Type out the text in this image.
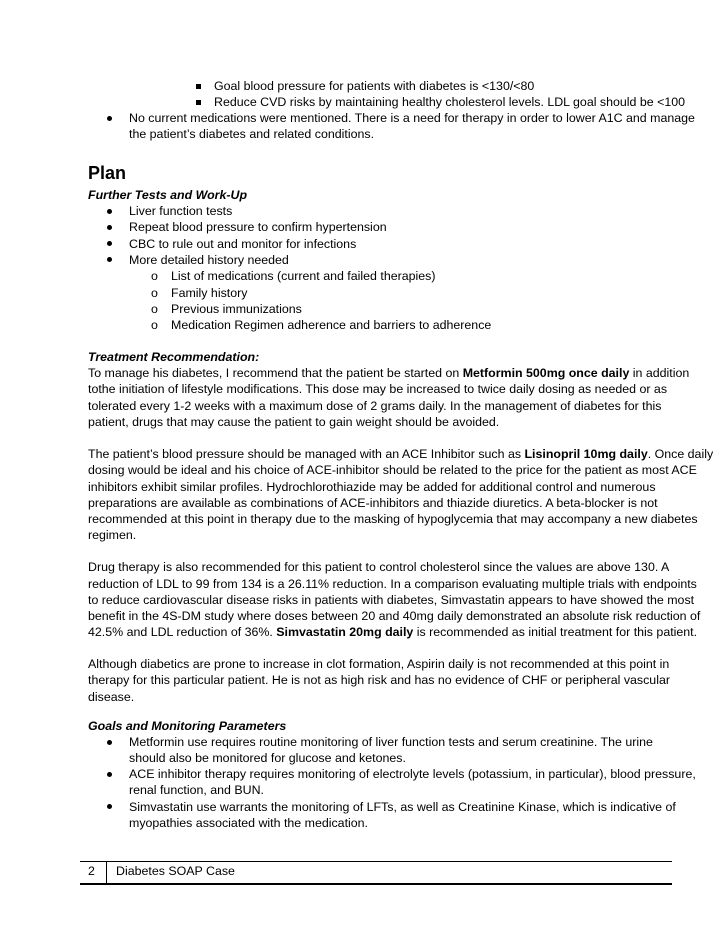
Goal blood pressure for patients with diabetes is <130/<80
Reduce CVD risks by maintaining healthy cholesterol levels. LDL goal should be <100
No current medications were mentioned. There is a need for therapy in order to lower A1C and manage
the patient’s diabetes and related conditions.
Plan
Further Tests and Work-Up
Liver function tests
Repeat blood pressure to confirm hypertension
CBC to rule out and monitor for infections
More detailed history needed
o List of medications (current and failed therapies)
o Family history
o Previous immunizations
o Medication Regimen adherence and barriers to adherence
Treatment Recommendation:
To manage his diabetes, I recommend that the patient be started on Metformin 500mg once daily in addition
tothe initiation of lifestyle modifications. This dose may be increased to twice daily dosing as needed or as
tolerated every 1-2 weeks with a maximum dose of 2 grams daily. In the management of diabetes for this
patient, drugs that may cause the patient to gain weight should be avoided.
The patient’s blood pressure should be managed with an ACE Inhibitor such as Lisinopril 10mg daily. Once daily
dosing would be ideal and his choice of ACE-inhibitor should be related to the price for the patient as most ACE
inhibitors exhibit similar profiles. Hydrochlorothiazide may be added for additional control and numerous
preparations are available as combinations of ACE-inhibitors and thiazide diuretics. A beta-blocker is not
recommended at this point in therapy due to the masking of hypoglycemia that may accompany a new diabetes
regimen.
Drug therapy is also recommended for this patient to control cholesterol since the values are above 130. A
reduction of LDL to 99 from 134 is a 26.11% reduction. In a comparison evaluating multiple trials with endpoints
to reduce cardiovascular disease risks in patients with diabetes, Simvastatin appears to have showed the most
benefit in the 4S-DM study where doses between 20 and 40mg daily demonstrated an absolute risk reduction of
42.5% and LDL reduction of 36%. Simvastatin 20mg daily is recommended as initial treatment for this patient.
Although diabetics are prone to increase in clot formation, Aspirin daily is not recommended at this point in
therapy for this particular patient. He is not as high risk and has no evidence of CHF or peripheral vascular
disease.
Goals and Monitoring Parameters
Metformin use requires routine monitoring of liver function tests and serum creatinine. The urine
should also be monitored for glucose and ketones.
ACE inhibitor therapy requires monitoring of electrolyte levels (potassium, in particular), blood pressure,
renal function, and BUN.
Simvastatin use warrants the monitoring of LFTs, as well as Creatinine Kinase, which is indicative of
myopathies associated with the medication.
2 Diabetes SOAP Case
